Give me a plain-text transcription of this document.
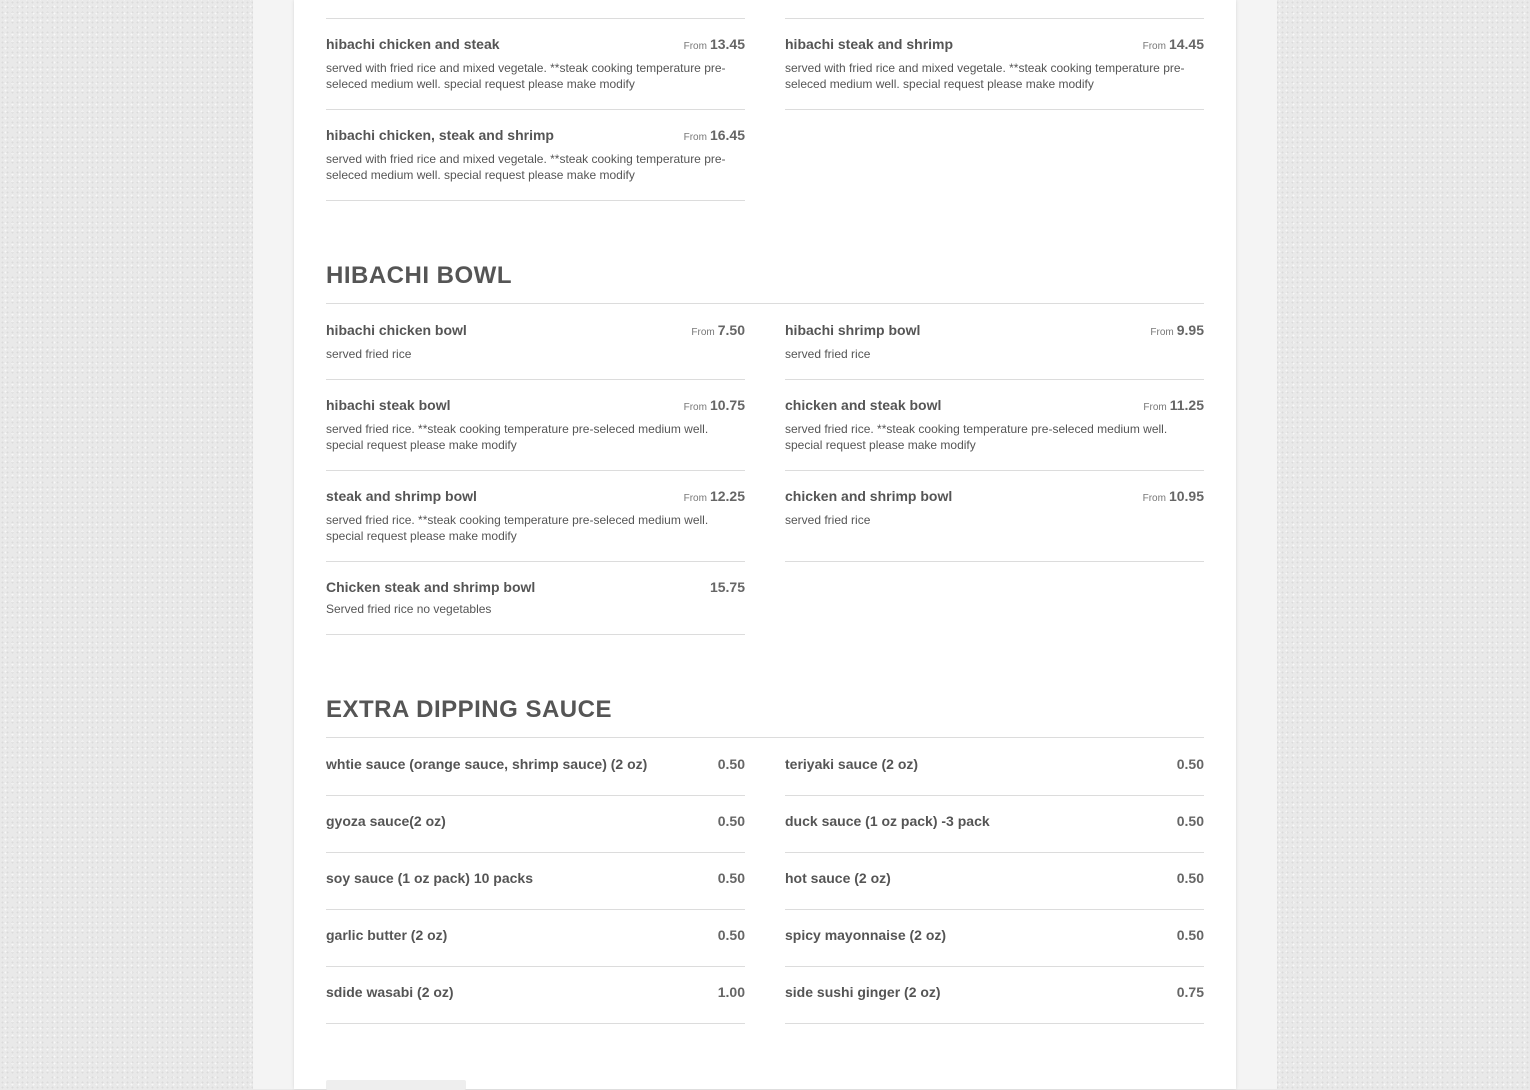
hibachi chicken and steak	From 13.45
served with fried rice and mixed vegetale. **steak cooking temperature pre-seleced medium well. special request please make modify
hibachi steak and shrimp	From 14.45
served with fried rice and mixed vegetale. **steak cooking temperature pre-seleced medium well. special request please make modify
hibachi chicken, steak and shrimp	From 16.45
served with fried rice and mixed vegetale. **steak cooking temperature pre-seleced medium well. special request please make modify
HIBACHI BOWL
hibachi chicken bowl	From 7.50
served fried rice
hibachi shrimp bowl	From 9.95
served fried rice
hibachi steak bowl	From 10.75
served fried rice. **steak cooking temperature pre-seleced medium well. special request please make modify
chicken and steak bowl	From 11.25
served fried rice. **steak cooking temperature pre-seleced medium well. special request please make modify
steak and shrimp bowl	From 12.25
served fried rice. **steak cooking temperature pre-seleced medium well. special request please make modify
chicken and shrimp bowl	From 10.95
served fried rice
Chicken steak and shrimp bowl	15.75
Served fried rice no vegetables
EXTRA DIPPING SAUCE
whtie sauce (orange sauce, shrimp sauce) (2 oz)	0.50	teriyaki sauce (2 oz)	0.50
gyoza sauce(2 oz)	0.50	duck sauce (1 oz pack) -3 pack	0.50
soy sauce (1 oz pack) 10 packs	0.50	hot sauce (2 oz)	0.50
garlic butter (2 oz)	0.50	spicy mayonnaise (2 oz)	0.50
sdide wasabi (2 oz)	1.00	side sushi ginger (2 oz)	0.75
